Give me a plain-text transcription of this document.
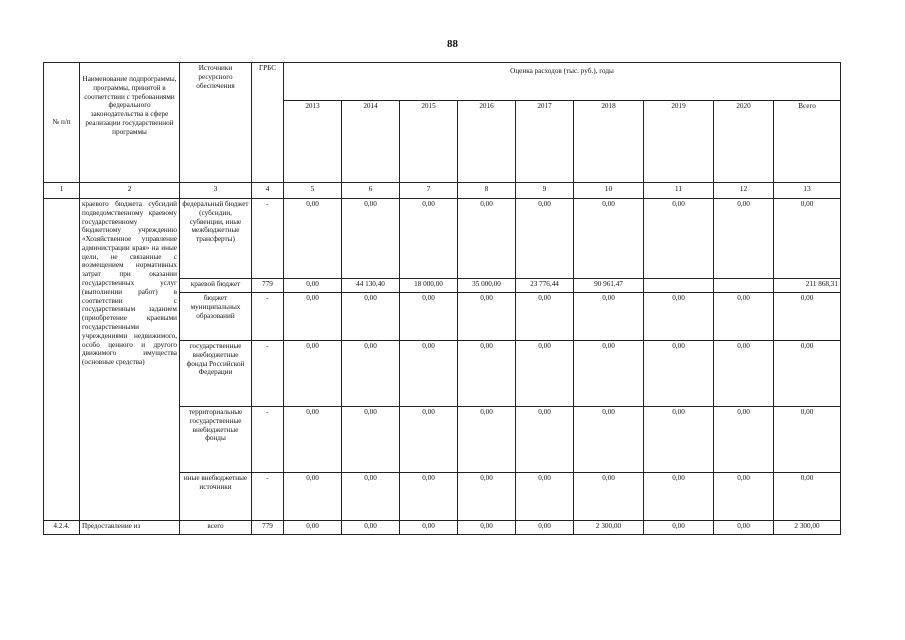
88
№ п/п	Наименование подпрограммы, программы, принятой в соответствии с требованиями федерального законодательства в сфере реализации государственной программы	Источники ресурсного обеспечения	ГРБС	Оценка расходов (тыс. руб.), годы								
				2013	2014	2015	2016	2017	2018	2019	2020	Всего
1	2	3	4	5	6	7	8	9	10	11	12	13
	краевого бюджета субсидий подведомственному краевому государственному бюджетному учреждению «Хозяйственное управление администрации края» на иные цели, не связанные с возмещением нормативных затрат при оказании государственных услуг (выполнении работ) в соответствии с государственным заданием (приобретение краевыми государственными учреждениями недвижимого, особо ценного и другого движимого имущества (основные средства)	федеральный бюджет (субсидии, субвенции, иные межбюджетные трансферты)	-	0,00	0,00	0,00	0,00	0,00	0,00	0,00	0,00	0,00
		краевой бюджет	779	0,00	44 130,40	18 000,00	35 000,00	23 776,44	90 961,47			211 868,31
		бюджет муниципальных образований	-	0,00	0,00	0,00	0,00	0,00	0,00	0,00	0,00	0,00
		государственные внебюджетные фонды Российской Федерации	-	0,00	0,00	0,00	0,00	0,00	0,00	0,00	0,00	0,00
		территориальные государственные внебюджетные фонды	-	0,00	0,00	0,00	0,00	0,00	0,00	0,00	0,00	0,00
		иные внебюджетные источники	-	0,00	0,00	0,00	0,00	0,00	0,00	0,00	0,00	0,00
4.2.4.	Предоставление из	всего	779	0,00	0,00	0,00	0,00	0,00	2 300,00	0,00	0,00	2 300,00
